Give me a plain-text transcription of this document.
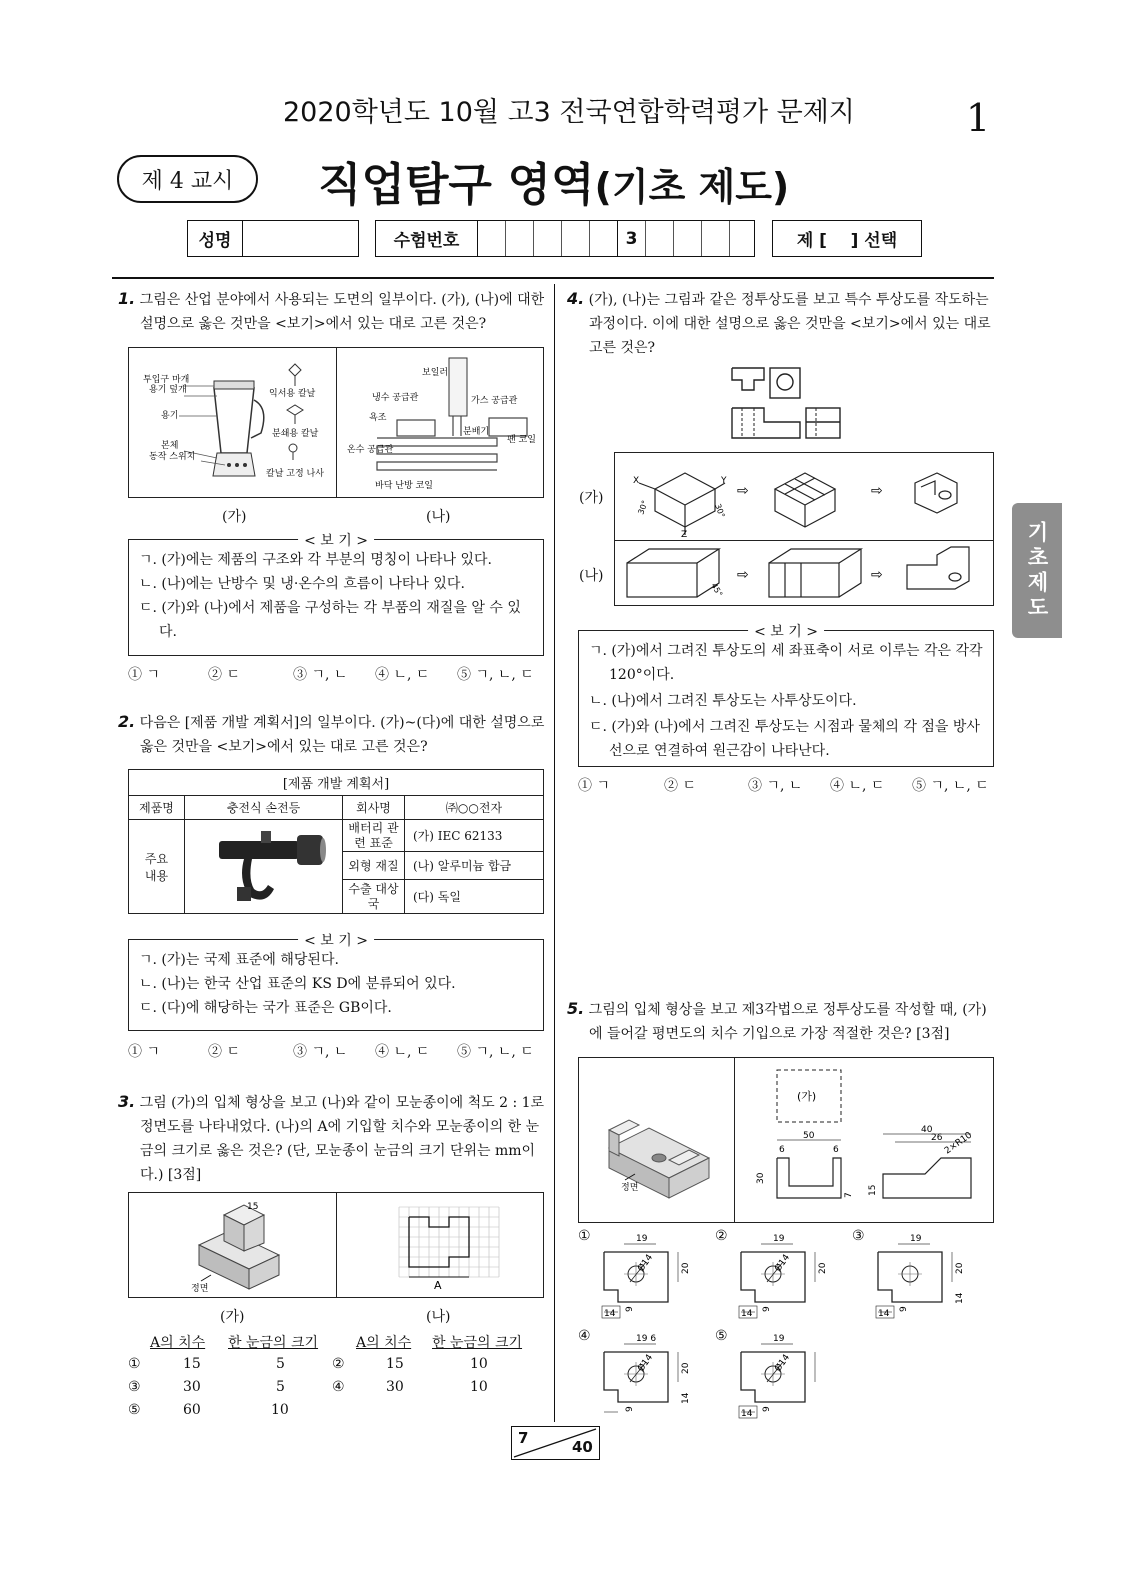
2020학년도 10월 고3 전국연합학력평가 문제지	1
제 4 교시 직업탐구 영역(기초 제도)
성명	수험번호	3	제 [    ] 선택
기초제도
1. 그림은 산업 분야에서 사용되는 도면의 일부이다. (가), (나)에 대한 설명으로 옳은 것만을 <보기>에서 있는 대로 고른 것은?
투입구 마개
용기 덮개	익서용 칼날
용기
분쇄용 칼날
본체
동작 스위치
칼날 고정 나사
보일러
냉수 공급관	가스 공급관
욕조
분배기
온수 공급관
팬 코일
바닥 난방 코일
(가)	(나)
< 보 기 >
ㄱ. (가)에는 제품의 구조와 각 부분의 명칭이 나타나 있다.
ㄴ. (나)에는 난방수 및 냉·온수의 흐름이 나타나 있다.
ㄷ. (가)와 (나)에서 제품을 구성하는 각 부품의 재질을 알 수 있다.
① ㄱ	② ㄷ	③ ㄱ, ㄴ	④ ㄴ, ㄷ	⑤ ㄱ, ㄴ, ㄷ
2. 다음은 [제품 개발 계획서]의 일부이다. (가)~(다)에 대한 설명으로 옳은 것만을 <보기>에서 있는 대로 고른 것은?
[제품 개발 계획서]			
제품명	충전식 손전등	회사명	㈜○○전자
주요 내용		배터리 관련 표준	(가) IEC 62133
		외형 재질	(나) 알루미늄 합금
		수출 대상국	(다) 독일
< 보 기 >
ㄱ. (가)는 국제 표준에 해당된다.
ㄴ. (나)는 한국 산업 표준의 KS D에 분류되어 있다.
ㄷ. (다)에 해당하는 국가 표준은 GB이다.
① ㄱ	② ㄷ	③ ㄱ, ㄴ	④ ㄴ, ㄷ	⑤ ㄱ, ㄴ, ㄷ
3. 그림 (가)의 입체 형상을 보고 (나)와 같이 모눈종이에 척도 2 : 1로 정면도를 나타내었다. (나)의 A에 기입할 치수와 모눈종이의 한 눈금의 크기로 옳은 것은? (단, 모눈종이 눈금의 크기 단위는 mm이다.) [3점]
15
정면	A
(가)	(나)
A의 치수 한 눈금의 크기	A의 치수 한 눈금의 크기
①	15	5	②	15	10
③	30	5	④	30	10
⑤	60	10
4. (가), (나)는 그림과 같은 정투상도를 보고 특수 투상도를 작도하는 과정이다. 이에 대한 설명으로 옳은 것만을 <보기>에서 있는 대로 고른 것은?
⇨	⇨
X	Y
Z
30°	30°
⇨	⇨
45°
(가)
(나)
< 보 기 >
ㄱ. (가)에서 그려진 투상도의 세 좌표축이 서로 이루는 각은 각각 120°이다.
ㄴ. (나)에서 그려진 투상도는 사투상도이다.
ㄷ. (가)와 (나)에서 그려진 투상도는 시점과 물체의 각 점을 방사선으로 연결하여 원근감이 나타난다.
① ㄱ	② ㄷ	③ ㄱ, ㄴ	④ ㄴ, ㄷ	⑤ ㄱ, ㄴ, ㄷ
5. 그림의 입체 형상을 보고 제3각법으로 정투상도를 작성할 때, (가)에 들어갈 평면도의 치수 기입으로 가장 적절한 것은? [3점]
정면
(가)
50
6	6
30
7
40
26 2×R10
15
①	19
Ø14	20
9
14
②	19
Ø14	20
9
14
③	19
20
14
9
14
④	19 6
Ø14	20
14
9
⑤	19
Ø14
9
14
7	40
